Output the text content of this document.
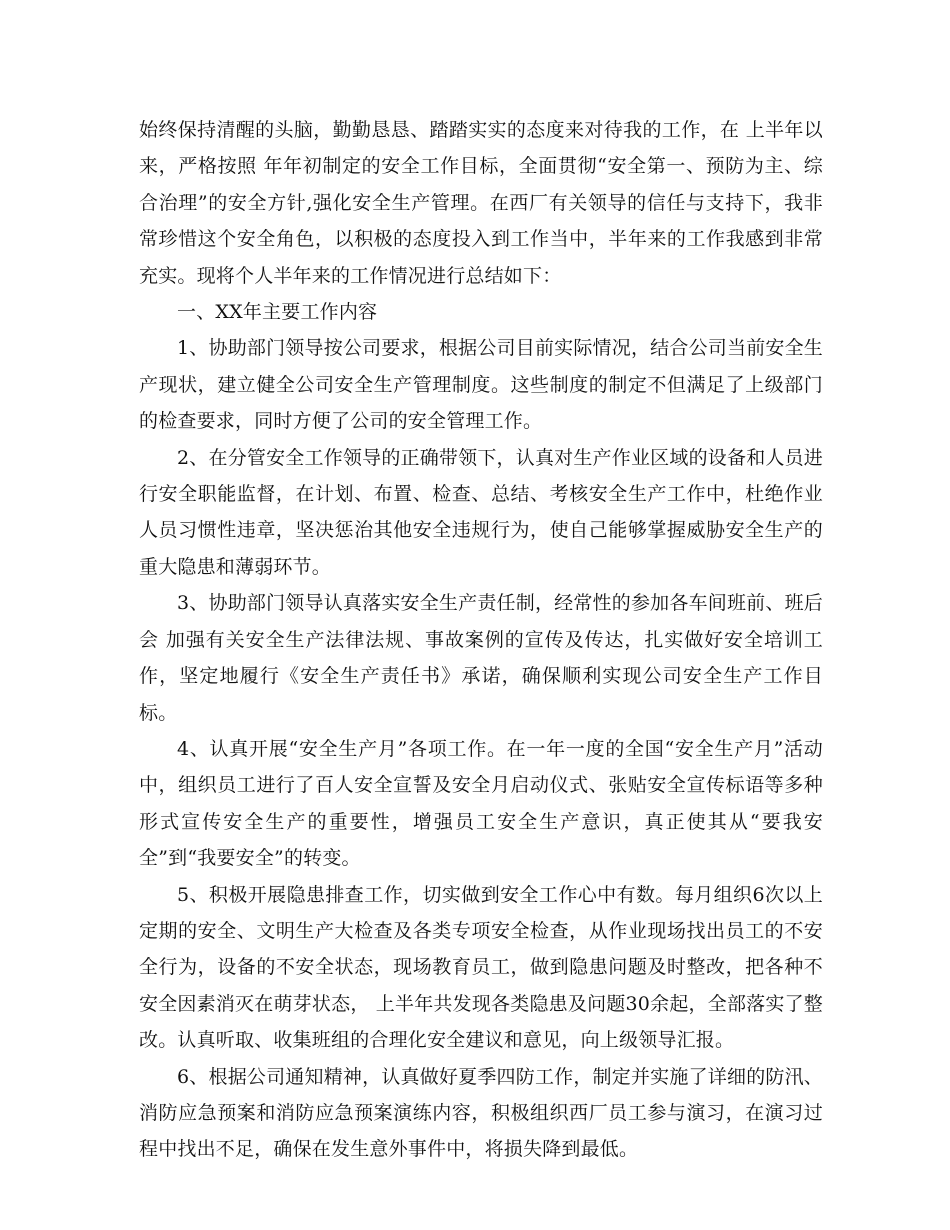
始终保持清醒的头脑，勤勤恳恳、踏踏实实的态度来对待我的工作，在 上半年以来，严格按照 年年初制定的安全工作目标，全面贯彻“安全第一、预防为主、综合治理”的安全方针,强化安全生产管理。在西厂有关领导的信任与支持下，我非常珍惜这个安全角色，以积极的态度投入到工作当中，半年来的工作我感到非常充实。现将个人半年来的工作情况进行总结如下：

一、XX年主要工作内容

1、协助部门领导按公司要求，根据公司目前实际情况，结合公司当前安全生产现状，建立健全公司安全生产管理制度。这些制度的制定不但满足了上级部门的检查要求，同时方便了公司的安全管理工作。

2、在分管安全工作领导的正确带领下，认真对生产作业区域的设备和人员进行安全职能监督，在计划、布置、检查、总结、考核安全生产工作中，杜绝作业人员习惯性违章，坚决惩治其他安全违规行为，使自己能够掌握威胁安全生产的重大隐患和薄弱环节。

3、协助部门领导认真落实安全生产责任制，经常性的参加各车间班前、班后会 加强有关安全生产法律法规、事故案例的宣传及传达，扎实做好安全培训工作，坚定地履行《安全生产责任书》承诺，确保顺利实现公司安全生产工作目标。

4、认真开展“安全生产月”各项工作。在一年一度的全国“安全生产月”活动中，组织员工进行了百人安全宣誓及安全月启动仪式、张贴安全宣传标语等多种形式宣传安全生产的重要性，增强员工安全生产意识，真正使其从“要我安全”到“我要安全”的转变。

5、积极开展隐患排查工作，切实做到安全工作心中有数。每月组织6次以上定期的安全、文明生产大检查及各类专项安全检查，从作业现场找出员工的不安全行为，设备的不安全状态，现场教育员工，做到隐患问题及时整改，把各种不安全因素消灭在萌芽状态， 上半年共发现各类隐患及问题30余起，全部落实了整改。认真听取、收集班组的合理化安全建议和意见，向上级领导汇报。

6、根据公司通知精神，认真做好夏季四防工作，制定并实施了详细的防汛、消防应急预案和消防应急预案演练内容，积极组织西厂员工参与演习，在演习过程中找出不足，确保在发生意外事件中，将损失降到最低。
